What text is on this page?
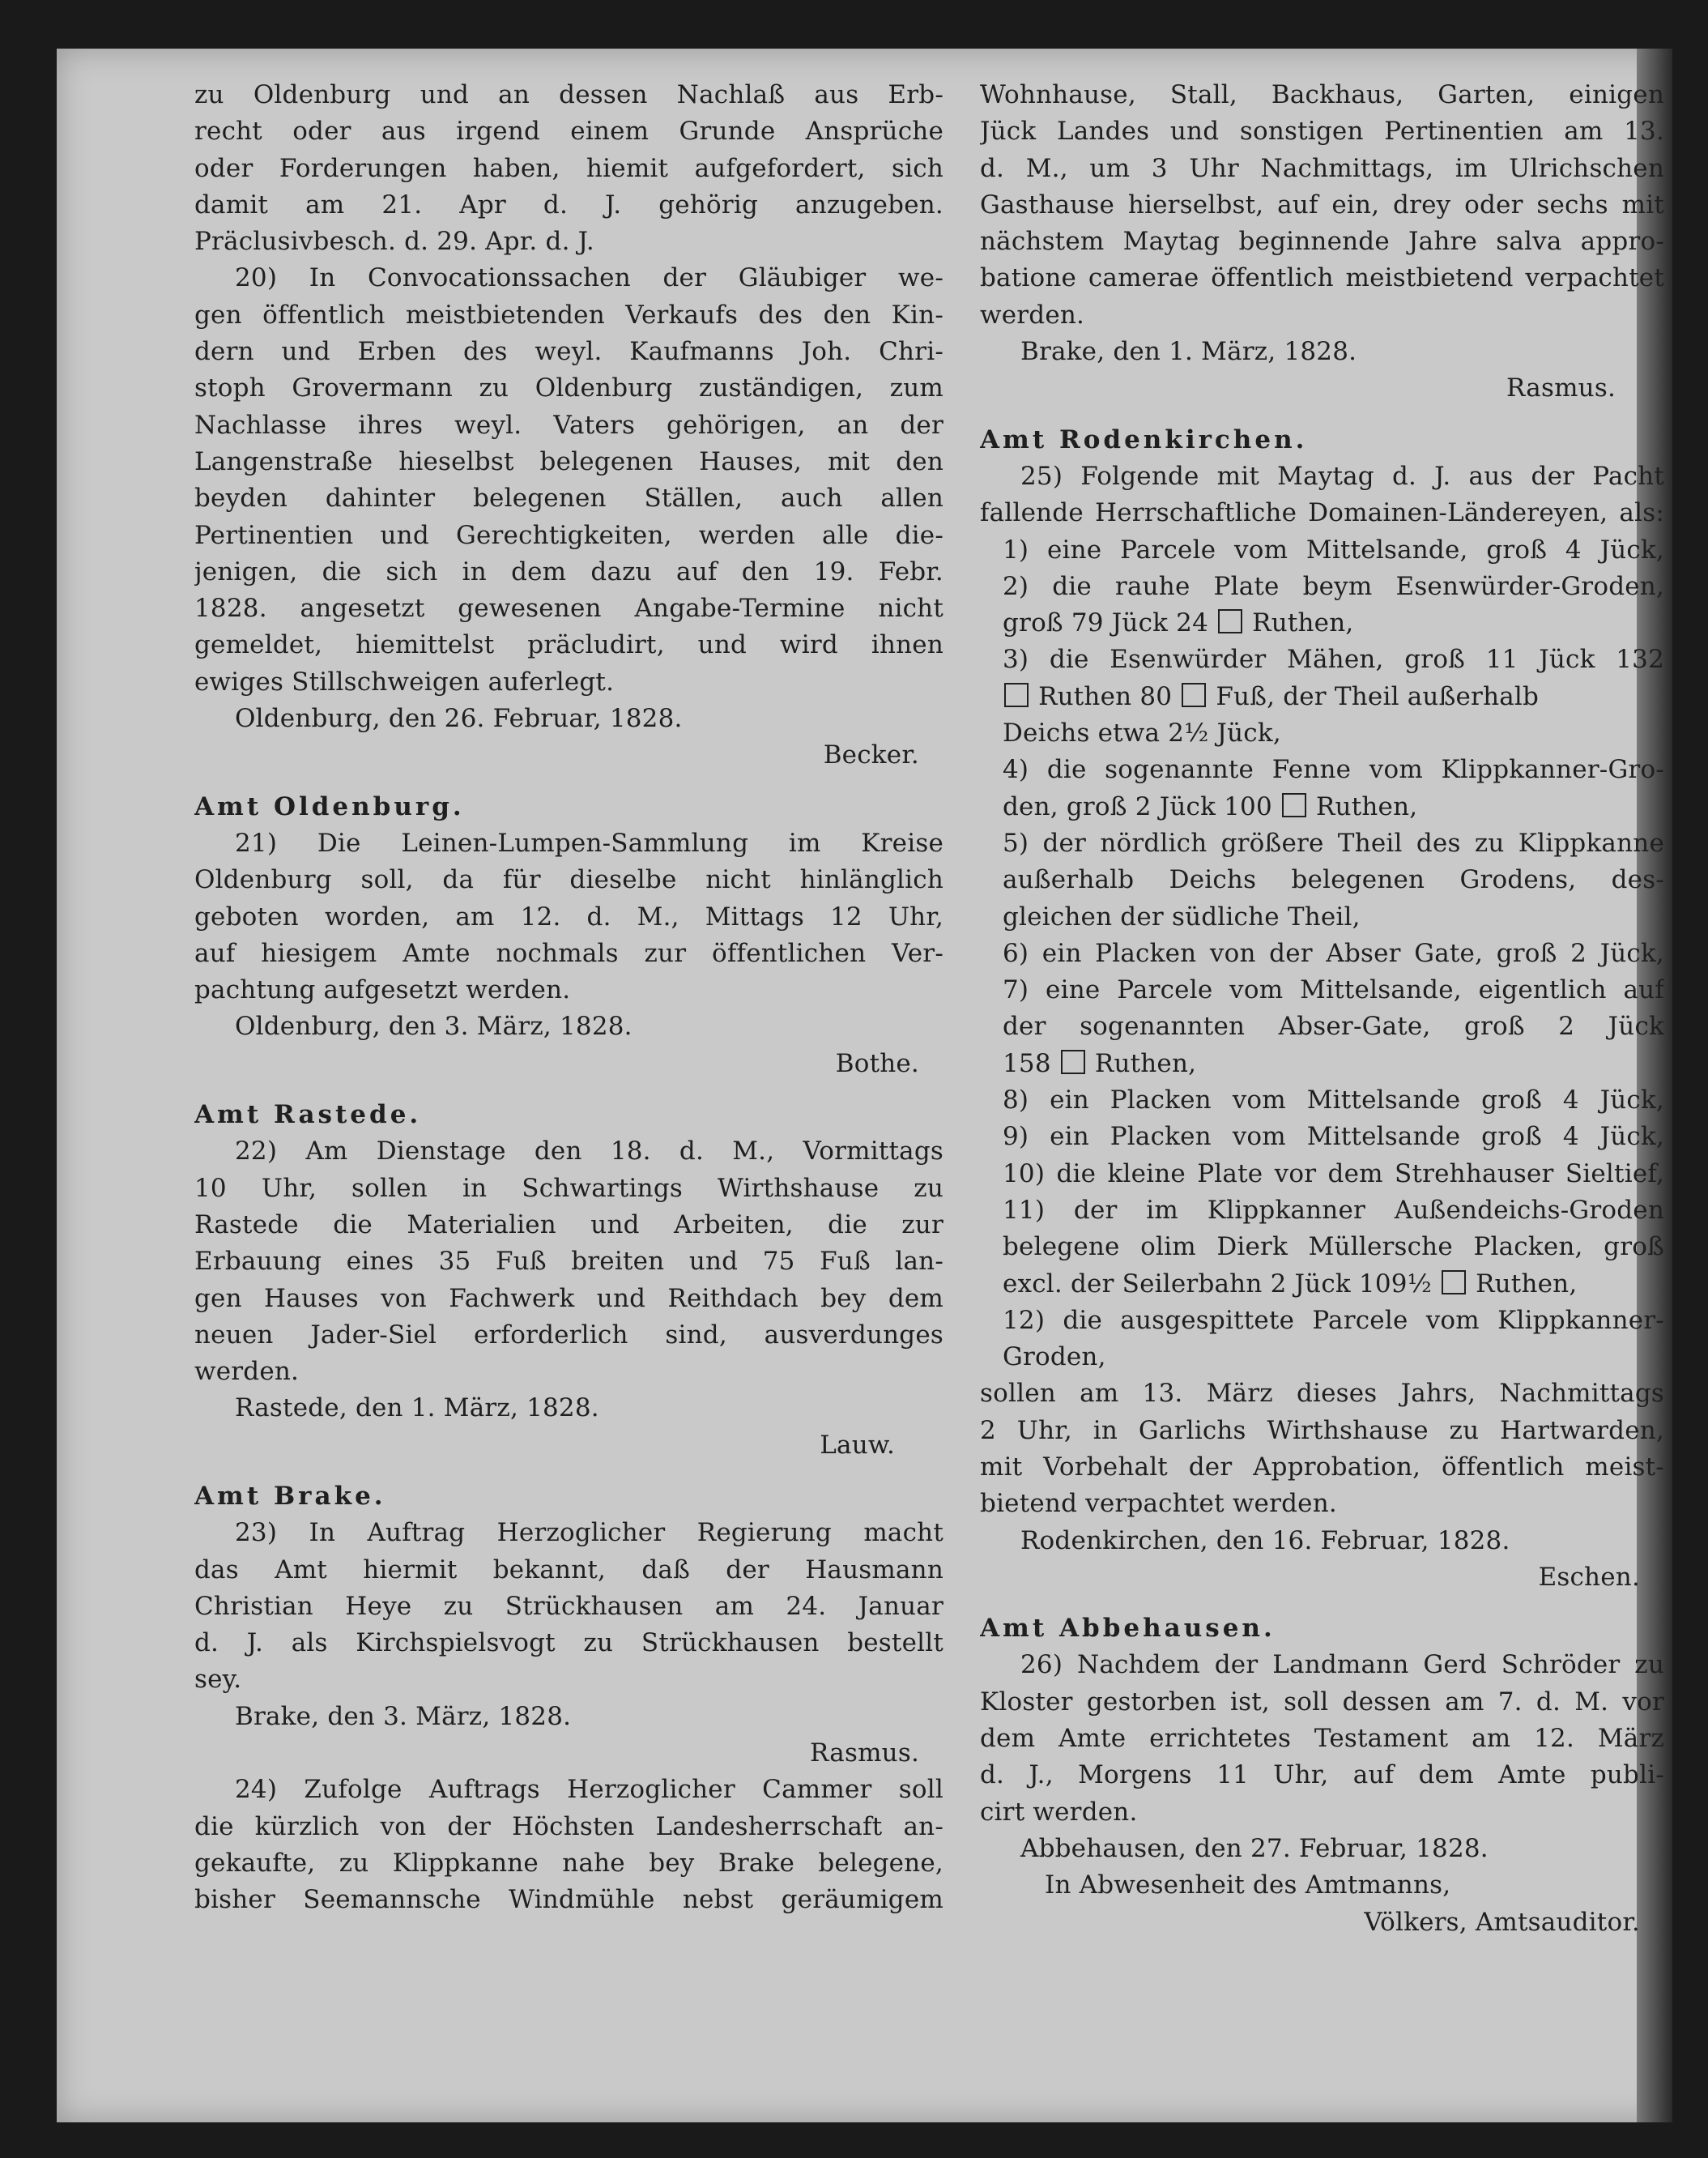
zu Oldenburg und an dessen Nachlaß aus Erb-
recht oder aus irgend einem Grunde Ansprüche
oder Forderungen haben, hiemit aufgefordert, sich
damit am 21. Apr d. J. gehörig anzugeben.
Präclusivbesch. d. 29. Apr. d. J.
20) In Convocationssachen der Gläubiger we-
gen öffentlich meistbietenden Verkaufs des den Kin-
dern und Erben des weyl. Kaufmanns Joh. Chri-
stoph Grovermann zu Oldenburg zuständigen, zum
Nachlasse ihres weyl. Vaters gehörigen, an der
Langenstraße hieselbst belegenen Hauses, mit den
beyden dahinter belegenen Ställen, auch allen
Pertinentien und Gerechtigkeiten, werden alle die-
jenigen, die sich in dem dazu auf den 19. Febr.
1828. angesetzt gewesenen Angabe-Termine nicht
gemeldet, hiemittelst präcludirt, und wird ihnen
ewiges Stillschweigen auferlegt.
Oldenburg, den 26. Februar, 1828.
Becker.
Amt Oldenburg.
21) Die Leinen-Lumpen-Sammlung im Kreise
Oldenburg soll, da für dieselbe nicht hinlänglich
geboten worden, am 12. d. M., Mittags 12 Uhr,
auf hiesigem Amte nochmals zur öffentlichen Ver-
pachtung aufgesetzt werden.
Oldenburg, den 3. März, 1828.
Bothe.
Amt Rastede.
22) Am Dienstage den 18. d. M., Vormittags
10 Uhr, sollen in Schwartings Wirthshause zu
Rastede die Materialien und Arbeiten, die zur
Erbauung eines 35 Fuß breiten und 75 Fuß lan-
gen Hauses von Fachwerk und Reithdach bey dem
neuen Jader-Siel erforderlich sind, ausverdunges
werden.
Rastede, den 1. März, 1828.
Lauw.
Amt Brake.
23) In Auftrag Herzoglicher Regierung macht
das Amt hiermit bekannt, daß der Hausmann
Christian Heye zu Strückhausen am 24. Januar
d. J. als Kirchspielsvogt zu Strückhausen bestellt
sey.
Brake, den 3. März, 1828.
Rasmus.
24) Zufolge Auftrags Herzoglicher Cammer soll
die kürzlich von der Höchsten Landesherrschaft an-
gekaufte, zu Klippkanne nahe bey Brake belegene,
bisher Seemannsche Windmühle nebst geräumigem
Wohnhause, Stall, Backhaus, Garten, einigen
Jück Landes und sonstigen Pertinentien am 13.
d. M., um 3 Uhr Nachmittags, im Ulrichschen
Gasthause hierselbst, auf ein, drey oder sechs mit
nächstem Maytag beginnende Jahre salva appro-
batione camerae öffentlich meistbietend verpachtet
werden.
Brake, den 1. März, 1828.
Rasmus.
Amt Rodenkirchen.
25) Folgende mit Maytag d. J. aus der Pacht
fallende Herrschaftliche Domainen-Ländereyen, als:
1) eine Parcele vom Mittelsande, groß 4 Jück,
2) die rauhe Plate beym Esenwürder-Groden,
groß 79 Jück 24 Ruthen,
3) die Esenwürder Mähen, groß 11 Jück 132
Ruthen 80 Fuß, der Theil außerhalb
Deichs etwa 2½ Jück,
4) die sogenannte Fenne vom Klippkanner-Gro-
den, groß 2 Jück 100 Ruthen,
5) der nördlich größere Theil des zu Klippkanne
außerhalb Deichs belegenen Grodens, des-
gleichen der südliche Theil,
6) ein Placken von der Abser Gate, groß 2 Jück,
7) eine Parcele vom Mittelsande, eigentlich auf
der sogenannten Abser-Gate, groß 2 Jück
158 Ruthen,
8) ein Placken vom Mittelsande groß 4 Jück,
9) ein Placken vom Mittelsande groß 4 Jück,
10) die kleine Plate vor dem Strehhauser Sieltief,
11) der im Klippkanner Außendeichs-Groden
belegene olim Dierk Müllersche Placken, groß
excl. der Seilerbahn 2 Jück 109½ Ruthen,
12) die ausgespittete Parcele vom Klippkanner-
Groden,
sollen am 13. März dieses Jahrs, Nachmittags
2 Uhr, in Garlichs Wirthshause zu Hartwarden,
mit Vorbehalt der Approbation, öffentlich meist-
bietend verpachtet werden.
Rodenkirchen, den 16. Februar, 1828.
Eschen.
Amt Abbehausen.
26) Nachdem der Landmann Gerd Schröder zu
Kloster gestorben ist, soll dessen am 7. d. M. vor
dem Amte errichtetes Testament am 12. März
d. J., Morgens 11 Uhr, auf dem Amte publi-
cirt werden.
Abbehausen, den 27. Februar, 1828.
In Abwesenheit des Amtmanns,
Völkers, Amtsauditor.
